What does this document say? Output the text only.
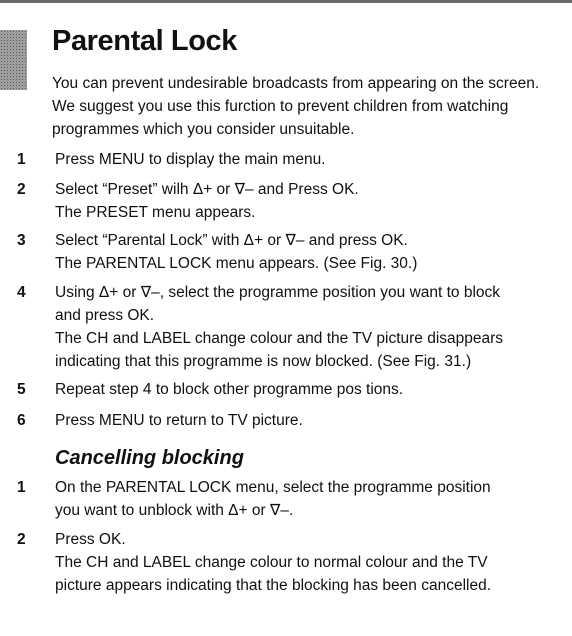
Parental Lock

You can prevent undesirable broadcasts from appearing on the screen. We suggest you use this furction to prevent children from watching programmes which you consider unsuitable.

1 Press MENU to display the main menu.
2 Select “Preset” wilh Δ+ or ∇– and Press OK.
The PRESET menu appears.
3 Select “Parental Lock” with Δ+ or ∇– and press OK.
The PARENTAL LOCK menu appears. (See Fig. 30.)
4 Using Δ+ or ∇–, select the programme position you want to block
and press OK.
The CH and LABEL change colour and the TV picture disappears
indicating that this programme is now blocked. (See Fig. 31.)
5 Repeat step 4 to block other programme pos tions.
6 Press MENU to return to TV picture.
Cancelling blocking
1 On the PARENTAL LOCK menu, select the programme position
you want to unblock with Δ+ or ∇–.
2 Press OK.
The CH and LABEL change colour to normal colour and the TV
picture appears indicating that the blocking has been cancelled.
